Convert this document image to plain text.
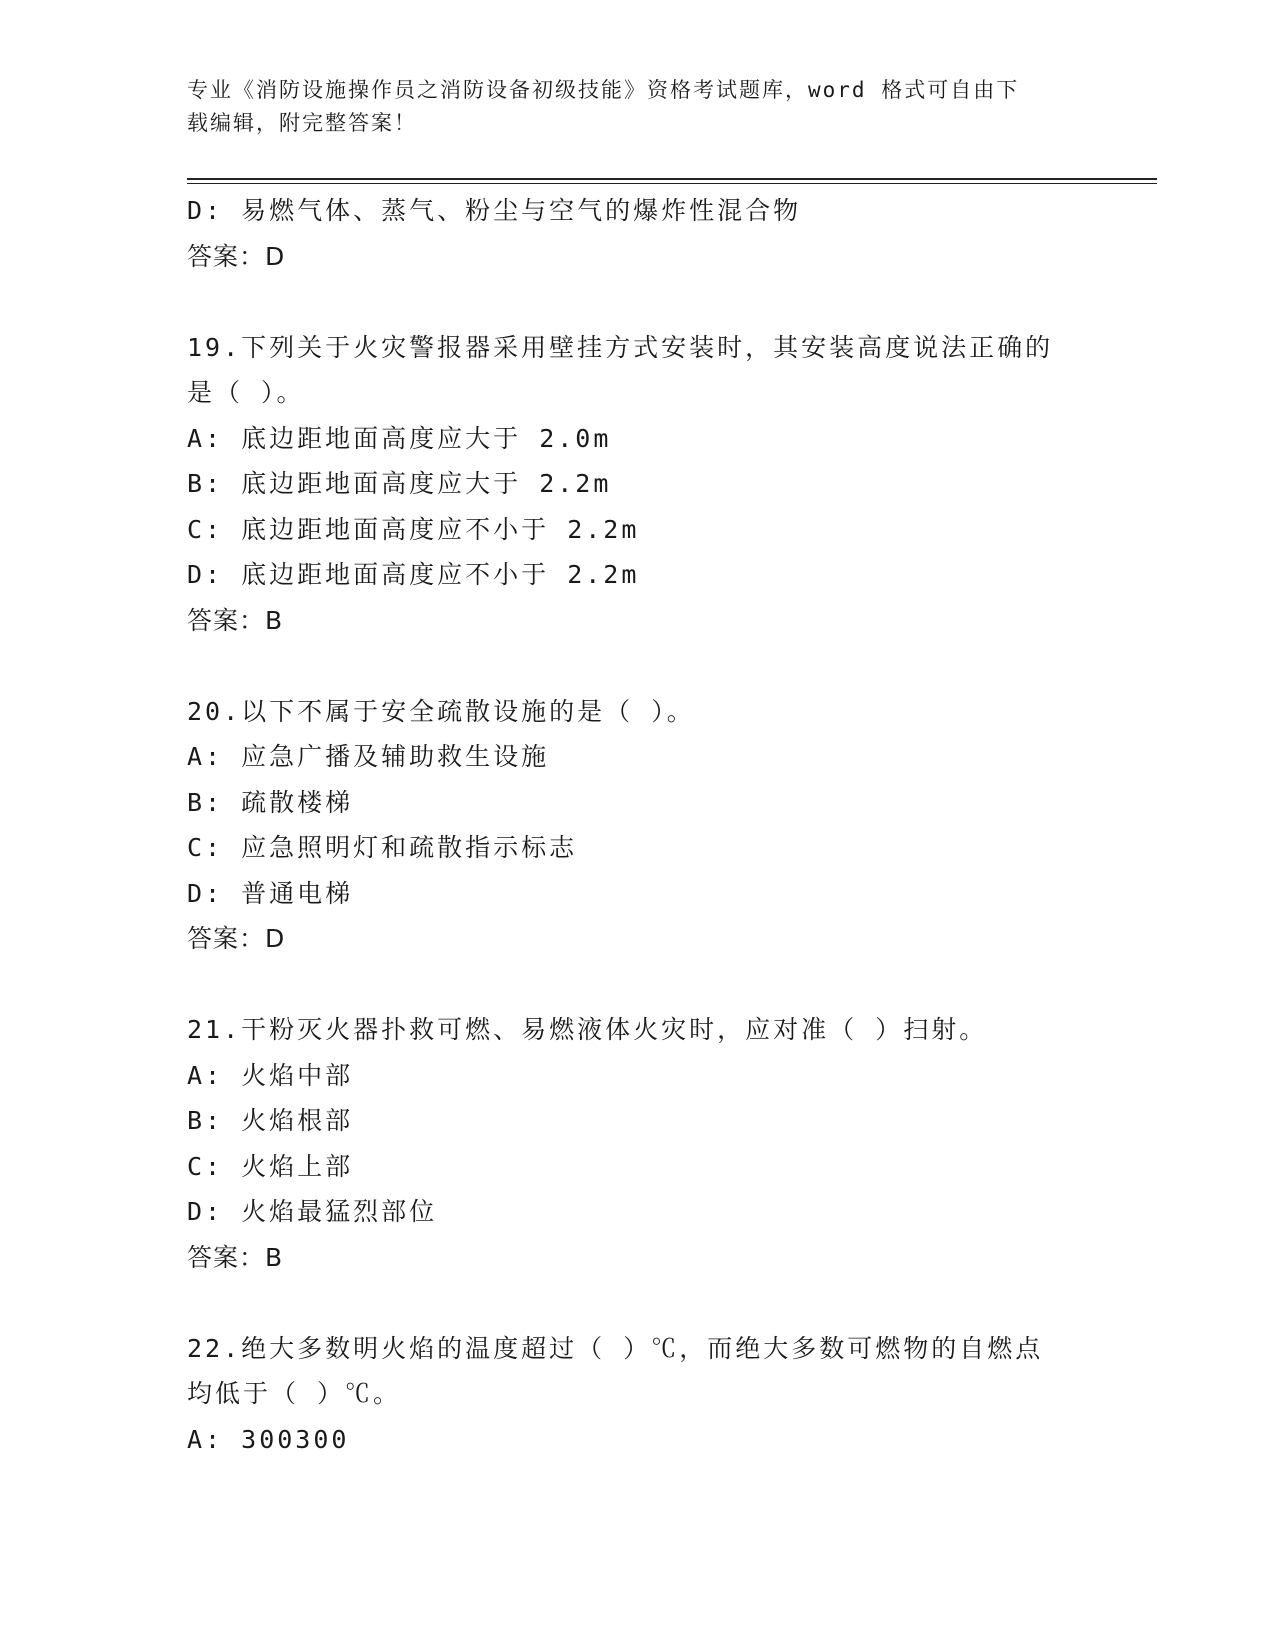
专业《消防设施操作员之消防设备初级技能》资格考试题库，word 格式可自由下
载编辑，附完整答案！
D: 易燃气体、蒸气、粉尘与空气的爆炸性混合物
答案：D
19.下列关于火灾警报器采用壁挂方式安装时，其安装高度说法正确的
是（ ）。
A: 底边距地面高度应大于 2.0m
B: 底边距地面高度应大于 2.2m
C: 底边距地面高度应不小于 2.2m
D: 底边距地面高度应不小于 2.2m
答案：B
20.以下不属于安全疏散设施的是（ ）。
A: 应急广播及辅助救生设施
B: 疏散楼梯
C: 应急照明灯和疏散指示标志
D: 普通电梯
答案：D
21.干粉灭火器扑救可燃、易燃液体火灾时，应对准（ ）扫射。
A: 火焰中部
B: 火焰根部
C: 火焰上部
D: 火焰最猛烈部位
答案：B
22.绝大多数明火焰的温度超过（ ）℃，而绝大多数可燃物的自燃点
均低于（ ）℃。
A: 300300
